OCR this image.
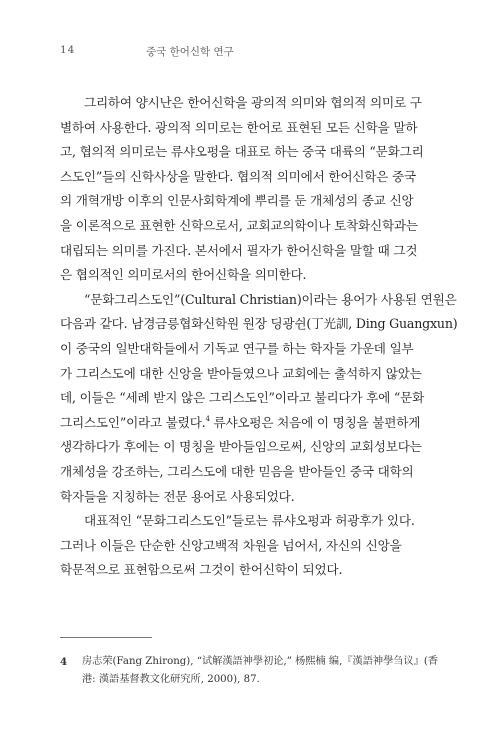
14	중국 한어신학 연구
그리하여 양시난은 한어신학을 광의적 의미와 협의적 의미로 구
별하여 사용한다. 광의적 의미로는 한어로 표현된 모든 신학을 말하
고, 협의적 의미로는 류샤오펑을 대표로 하는 중국 대륙의 “문화그리
스도인”들의 신학사상을 말한다. 협의적 의미에서 한어신학은 중국
의 개혁개방 이후의 인문사회학계에 뿌리를 둔 개체성의 종교 신앙
을 이론적으로 표현한 신학으로서, 교회교의학이나 토착화신학과는
대립되는 의미를 가진다. 본서에서 필자가 한어신학을 말할 때 그것
은 협의적인 의미로서의 한어신학을 의미한다.
“문화그리스도인”(Cultural Christian)이라는 용어가 사용된 연원은
다음과 같다. 남경금릉협화신학원 원장 딩광쉰(丁光訓, Ding Guangxun)
이 중국의 일반대학들에서 기독교 연구를 하는 학자들 가운데 일부
가 그리스도에 대한 신앙을 받아들였으나 교회에는 출석하지 않았는
데, 이들은 “세례 받지 않은 그리스도인”이라고 불리다가 후에 “문화
그리스도인”이라고 불렸다.$^4$ 류샤오펑은 처음에 이 명칭을 불편하게
생각하다가 후에는 이 명칭을 받아들임으로써, 신앙의 교회성보다는
개체성을 강조하는, 그리스도에 대한 믿음을 받아들인 중국 대학의
학자들을 지칭하는 전문 용어로 사용되었다.
대표적인 “문화그리스도인”들로는 류샤오펑과 허광후가 있다.
그러나 이들은 단순한 신앙고백적 차원을 넘어서, 자신의 신앙을
학문적으로 표현함으로써 그것이 한어신학이 되었다.
4 房志荣(Fang Zhirong), “试解漢語神學初论,” 杨熙楠 编,『漢語神學刍议』(香
港: 漢語基督教文化研究所, 2000), 87.
